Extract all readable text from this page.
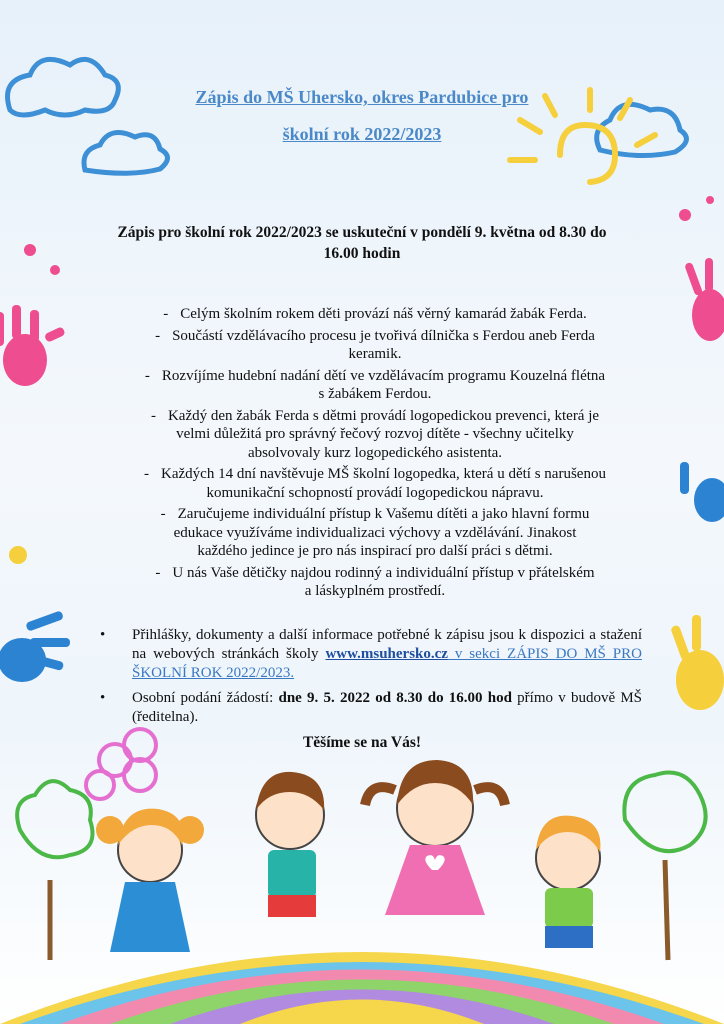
Zápis do MŠ Uhersko, okres Pardubice pro
školní rok 2022/2023
Zápis pro školní rok 2022/2023 se uskuteční v pondělí 9. května od 8.30 do
16.00 hodin
- Celým školním rokem děti provází náš věrný kamarád žabák Ferda.
- Součástí vzdělávacího procesu je tvořivá dílnička s Ferdou aneb Ferda
keramik.
- Rozvíjíme hudební nadání dětí ve vzdělávacím programu Kouzelná flétna
s žabákem Ferdou.
- Každý den žabák Ferda s dětmi provádí logopedickou prevenci, která je
velmi důležitá pro správný řečový rozvoj dítěte - všechny učitelky
absolvovaly kurz logopedického asistenta.
- Každých 14 dní navštěvuje MŠ školní logopedka, která u dětí s narušenou
komunikační schopností provádí logopedickou nápravu.
- Zaručujeme individuální přístup k Vašemu dítěti a jako hlavní formu
edukace využíváme individualizaci výchovy a vzdělávání. Jinakost
každého jedince je pro nás inspirací pro další práci s dětmi.
- U nás Vaše dětičky najdou rodinný a individuální přístup v přátelském
a láskyplném prostředí.
• Přihlášky, dokumenty a další informace potřebné k zápisu jsou k dispozici a stažení na webových stránkách školy www.msuhersko.cz v sekci ZÁPIS DO MŠ PRO ŠKOLNÍ ROK 2022/2023.
• Osobní podání žádostí: dne 9. 5. 2022 od 8.30 do 16.00 hod přímo v budově MŠ (ředitelna).
Těšíme se na Vás!
